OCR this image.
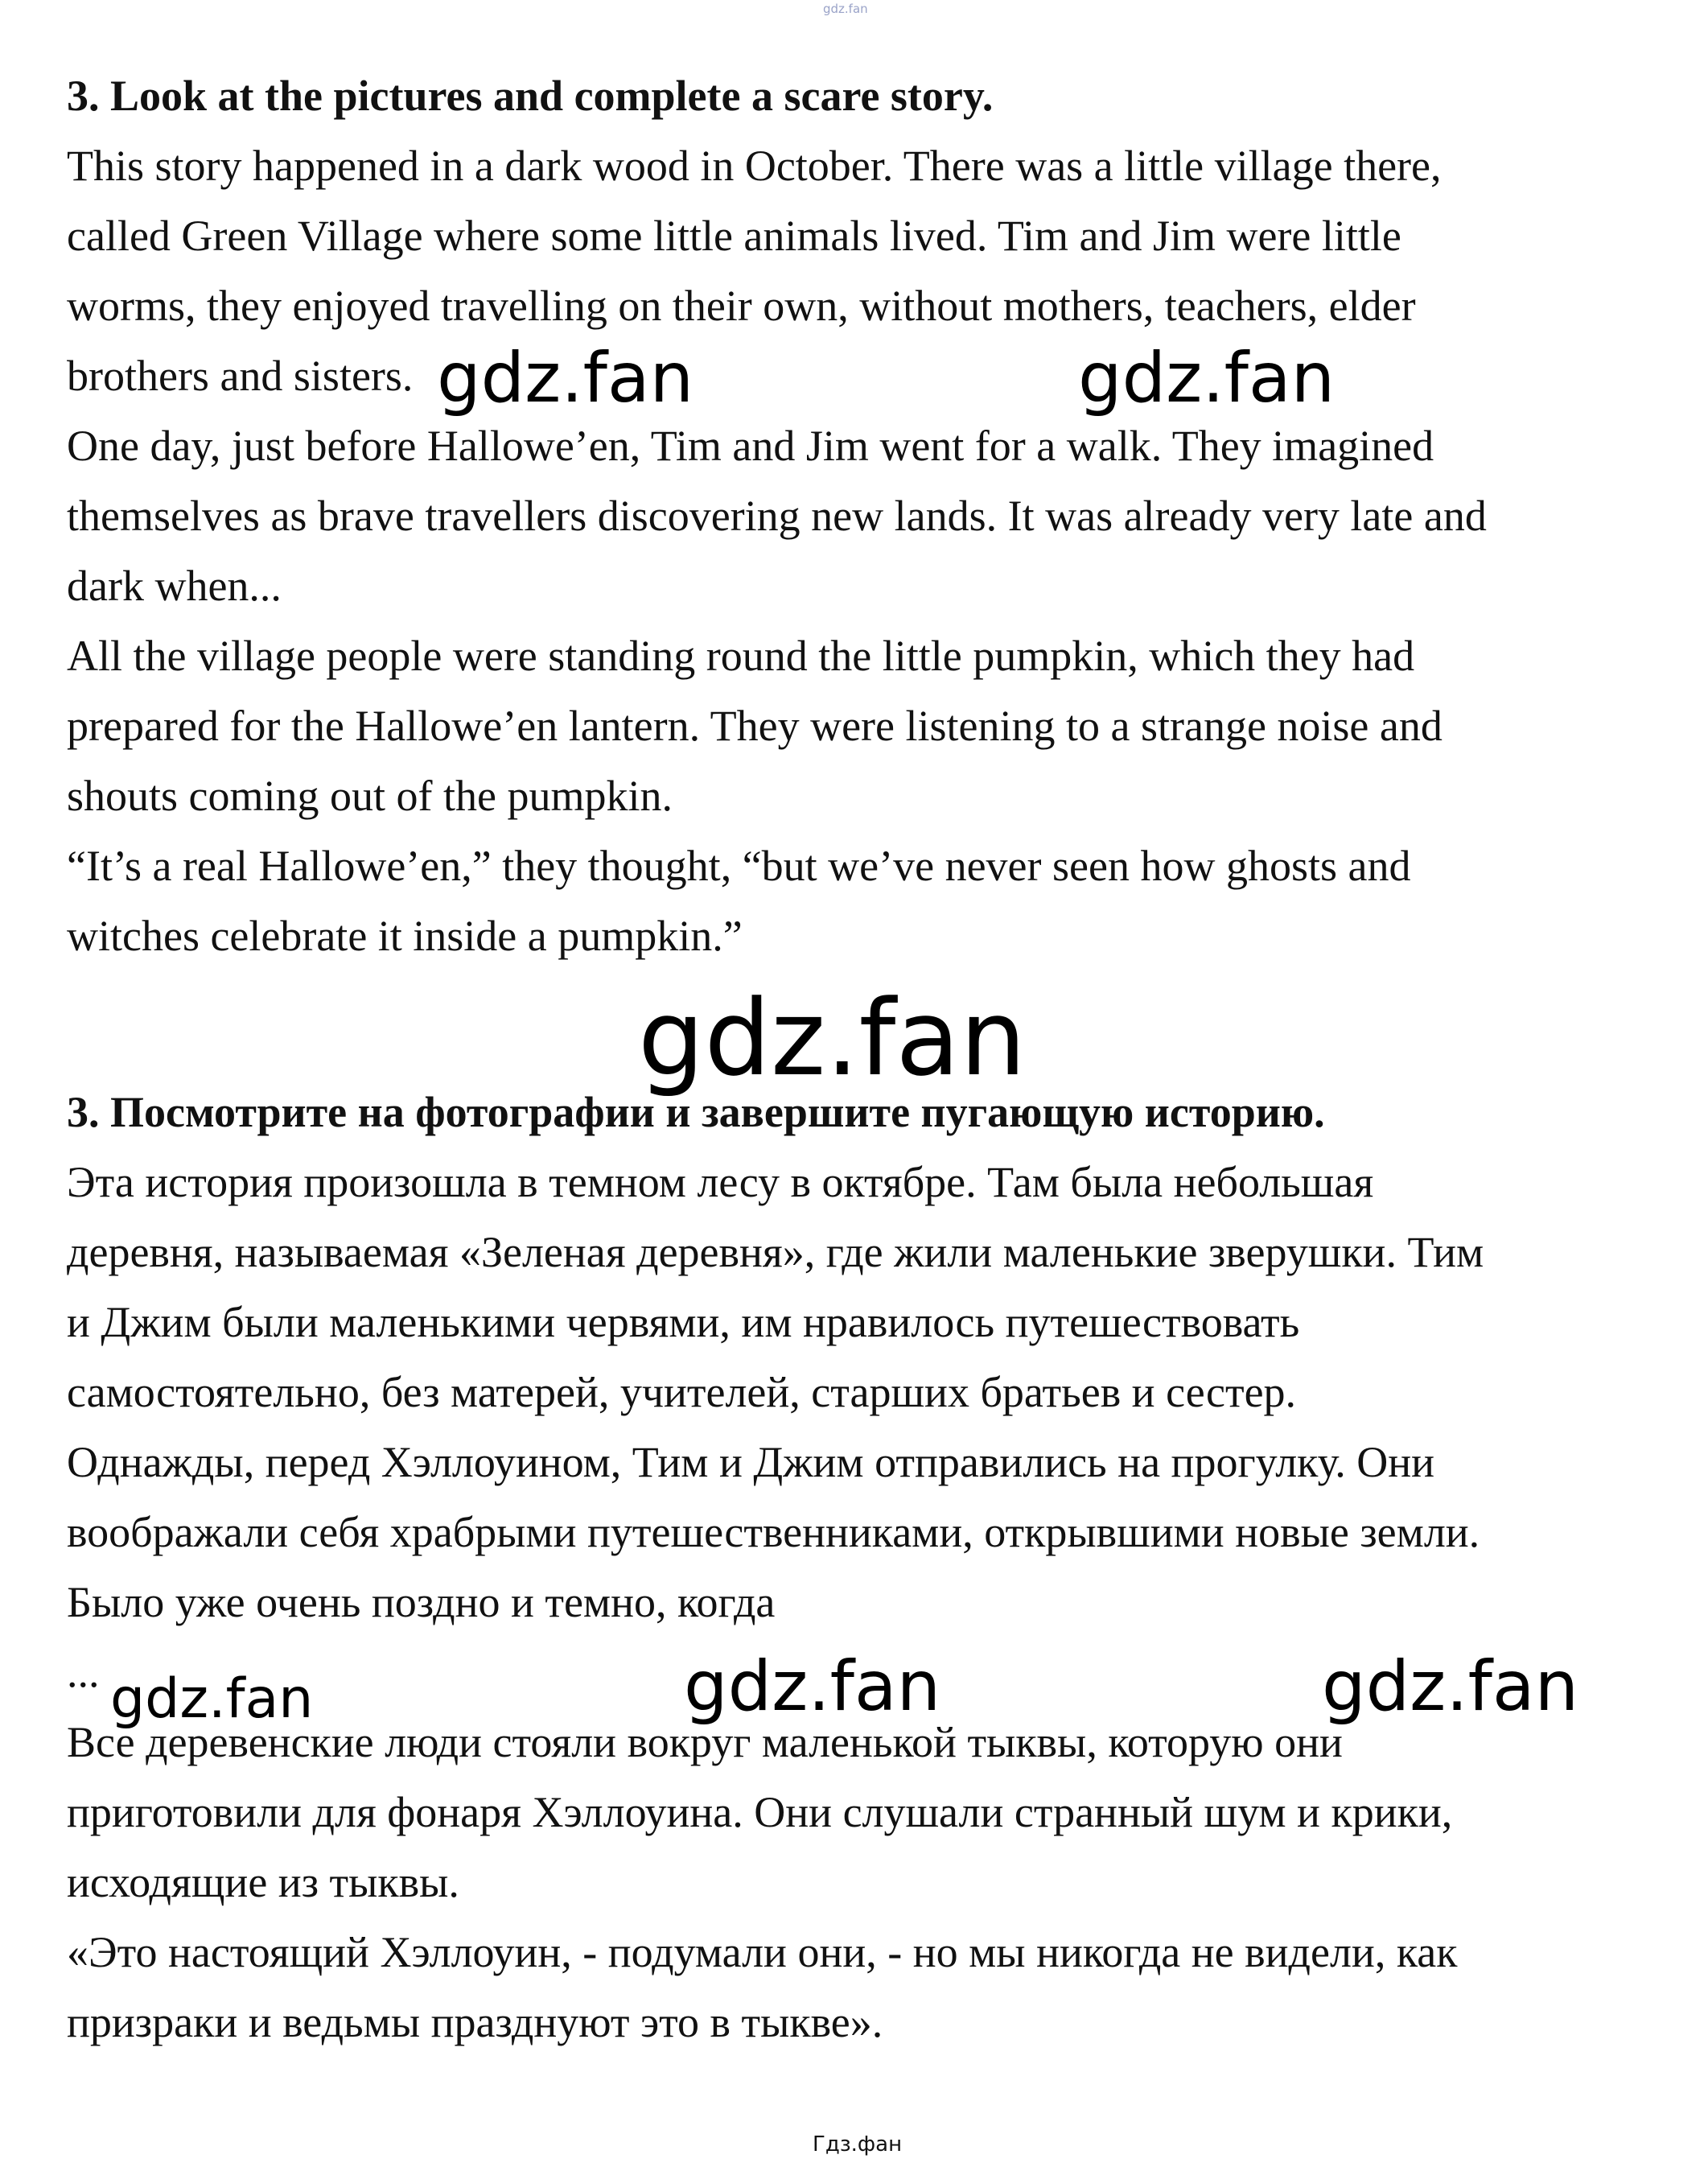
gdz.fan
3. Look at the pictures and complete a scare story.
This story happened in a dark wood in October. There was a little village there,
called Green Village where some little animals lived. Tim and Jim were little
worms, they enjoyed travelling on their own, without mothers, teachers, elder
brothers and sisters.
One day, just before Hallowe’en, Tim and Jim went for a walk. They imagined
themselves as brave travellers discovering new lands. It was already very late and
dark when...
All the village people were standing round the little pumpkin, which they had
prepared for the Hallowe’en lantern. They were listening to a strange noise and
shouts coming out of the pumpkin.
“It’s a real Hallowe’en,” they thought, “but we’ve never seen how ghosts and
witches celebrate it inside a pumpkin.”
3. Посмотрите на фотографии и завершите пугающую историю.
Эта история произошла в темном лесу в октябре. Там была небольшая
деревня, называемая «Зеленая деревня», где жили маленькие зверушки. Тим
и Джим были маленькими червями, им нравилось путешествовать
самостоятельно, без матерей, учителей, старших братьев и сестер.
Однажды, перед Хэллоуином, Тим и Джим отправились на прогулку. Они
воображали себя храбрыми путешественниками, открывшими новые земли.
Было уже очень поздно и темно, когда
...
Все деревенские люди стояли вокруг маленькой тыквы, которую они
приготовили для фонаря Хэллоуина. Они слушали странный шум и крики,
исходящие из тыквы.
«Это настоящий Хэллоуин, - подумали они, - но мы никогда не видели, как
призраки и ведьмы празднуют это в тыкве».
gdz.fan	gdz.fan
gdz.fan
gdz.fan	gdz.fan	gdz.fan
Гдз.фан
